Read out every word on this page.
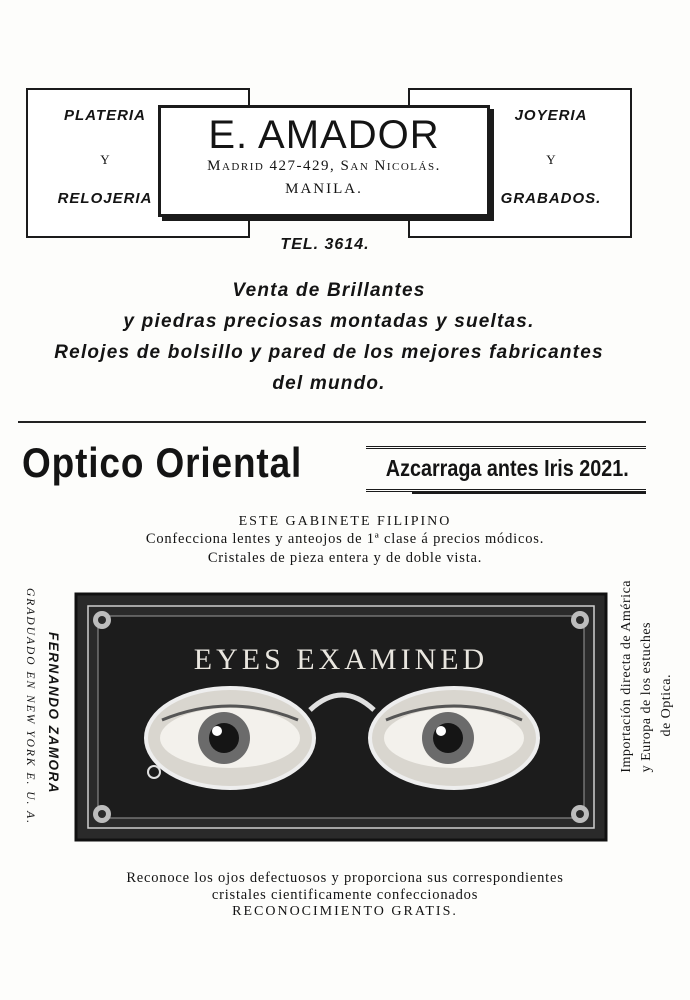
PLATERIA
Y
RELOJERIA
JOYERIA
Y
GRABADOS.
E. AMADOR
Madrid 427-429, San Nicolás.
MANILA.
TEL. 3614.
Venta de Brillantes
y piedras preciosas montadas y sueltas.
Relojes de bolsillo y pared de los mejores fabricantes
del mundo.
Optico Oriental	Azcarraga antes Iris 2021.
ESTE GABINETE FILIPINO
Confecciona lentes y anteojos de 1ª clase á precios módicos.
Cristales de pieza entera y de doble vista.
GRADUADO EN NEW YORK E. U. A. FERNANDO ZAMORA	Importación directa de América y Europa de los estuches de Optica.
EYES EXAMINED
Reconoce los ojos defectuosos y proporciona sus correspondientes
cristales cientificamente confeccionados
RECONOCIMIENTO GRATIS.
